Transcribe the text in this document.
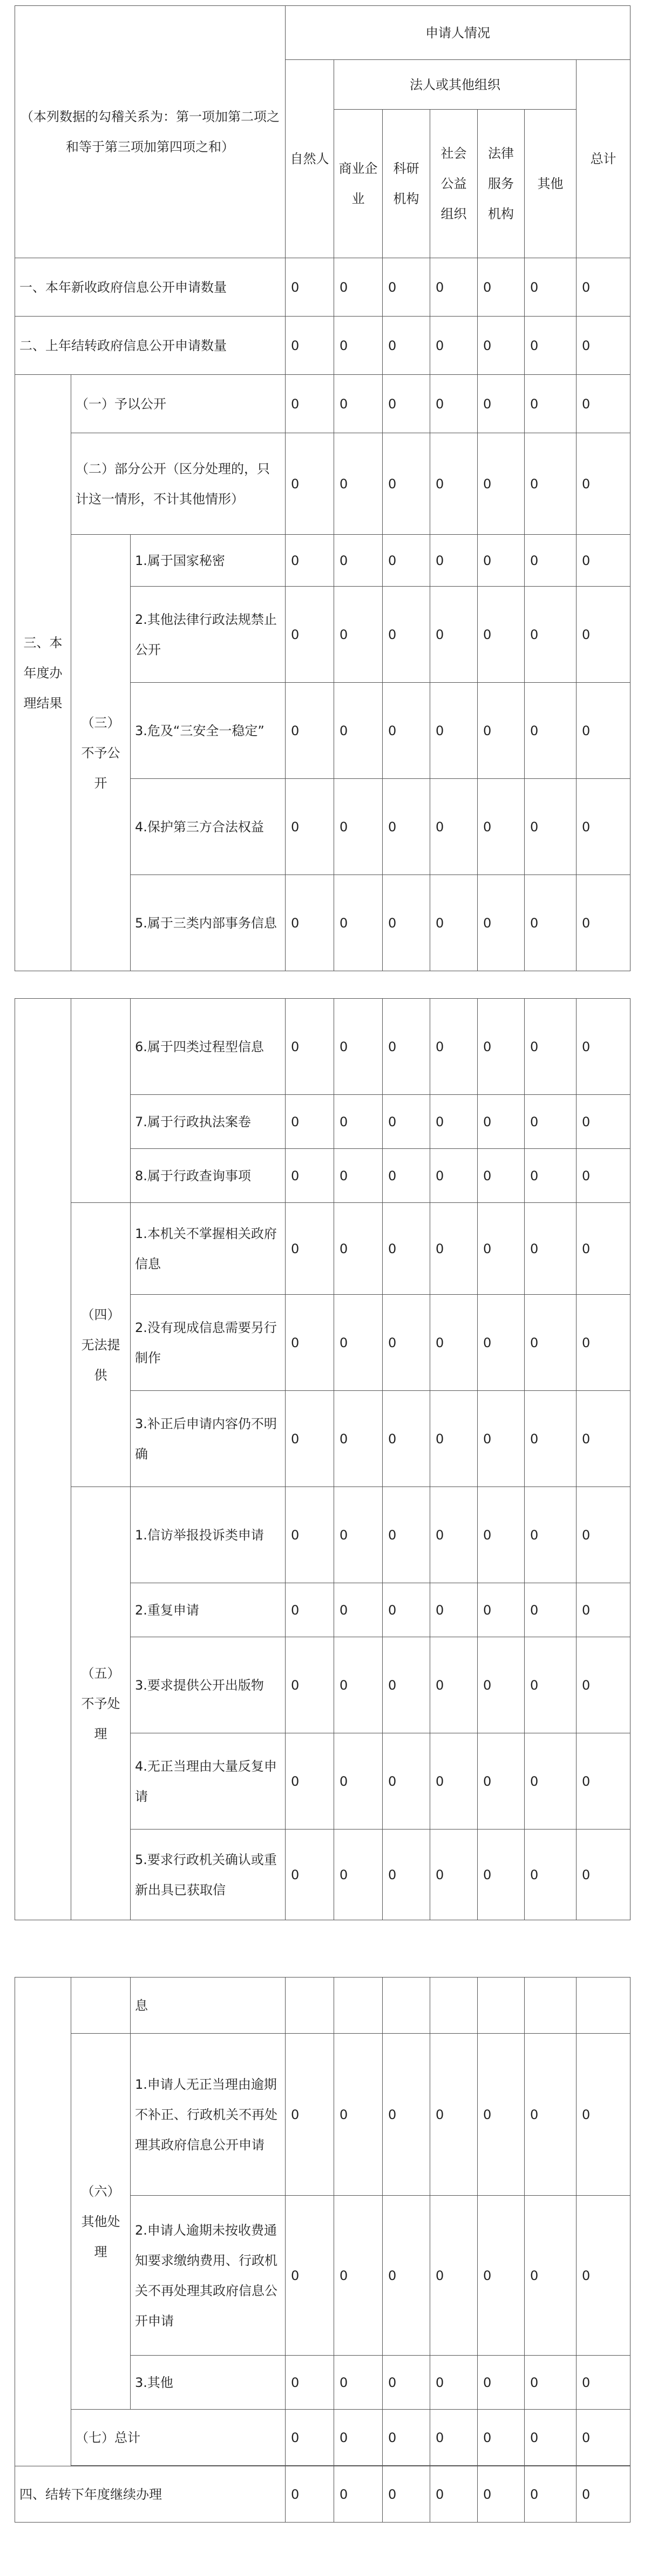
（本列数据的勾稽关系为：第一项加第二项之和等于第三项加第四项之和）			申请人情况						
			自然人	法人或其他组织					总计
				商业企业	科研机构	社会公益组织	法律服务机构	其他	
一、本年新收政府信息公开申请数量			0	0	0	0	0	0	0
二、上年结转政府信息公开申请数量			0	0	0	0	0	0	0
三、本年度办理结果	（一）予以公开		0	0	0	0	0	0	0
	（二）部分公开（区分处理的，只计这一情形，不计其他情形）		0	0	0	0	0	0	0
	（三）不予公开	1.属于国家秘密	0	0	0	0	0	0	0
		2.其他法律行政法规禁止公开	0	0	0	0	0	0	0
		3.危及“三安全一稳定”	0	0	0	0	0	0	0
		4.保护第三方合法权益	0	0	0	0	0	0	0
		5.属于三类内部事务信息	0	0	0	0	0	0	0
		6.属于四类过程型信息	0	0	0	0	0	0	0
		7.属于行政执法案卷	0	0	0	0	0	0	0
		8.属于行政查询事项	0	0	0	0	0	0	0
	（四）无法提供	1.本机关不掌握相关政府信息	0	0	0	0	0	0	0
		2.没有现成信息需要另行制作	0	0	0	0	0	0	0
		3.补正后申请内容仍不明确	0	0	0	0	0	0	0
	（五）不予处理	1.信访举报投诉类申请	0	0	0	0	0	0	0
		2.重复申请	0	0	0	0	0	0	0
		3.要求提供公开出版物	0	0	0	0	0	0	0
		4.无正当理由大量反复申请	0	0	0	0	0	0	0
		5.要求行政机关确认或重新出具已获取信	0	0	0	0	0	0	0
		息							
	（六）其他处理	1.申请人无正当理由逾期不补正、行政机关不再处理其政府信息公开申请	0	0	0	0	0	0	0
		2.申请人逾期未按收费通知要求缴纳费用、行政机关不再处理其政府信息公开申请	0	0	0	0	0	0	0
		3.其他	0	0	0	0	0	0	0
	（七）总计		0	0	0	0	0	0	0

四、结转下年度继续办理			0	0	0	0	0	0	0
